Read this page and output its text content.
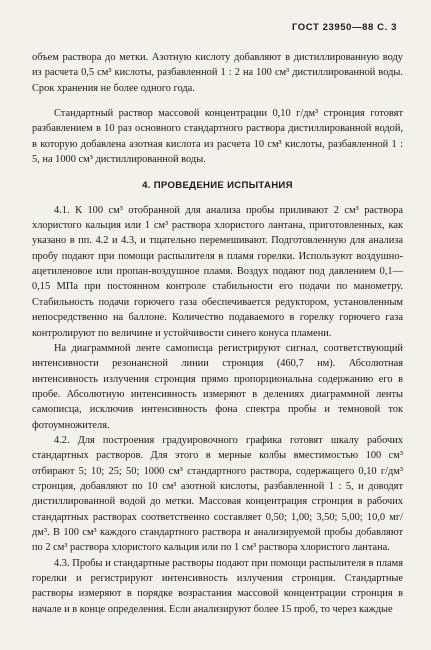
ГОСТ 23950—88 С. 3

объем раствора до метки. Азотную кислоту добавляют в дистиллированную воду из расчета 0,5 см³ кислоты, разбавленной 1 : 2 на 100 см³ дистиллированной воды. Срок хранения не более одного года.

Стандартный раствор массовой концентрации 0,10 г/дм³ стронция готовят разбавлением в 10 раз основного стандартного раствора дистиллированной водой, в которую добавлена азотная кислота из расчета 10 см³ кислоты, разбавленной 1 : 5, на 1000 см³ дистиллированной воды.

4. ПРОВЕДЕНИЕ ИСПЫТАНИЯ

4.1. К 100 см³ отобранной для анализа пробы приливают 2 см³ раствора хлористого кальция или 1 см³ раствора хлористого лантана, приготовленных, как указано в пп. 4.2 и 4.3, и тщательно перемешивают. Подготовленную для анализа пробу подают при помощи распылителя в пламя горелки. Используют воздушно-ацетиленовое или пропан-воздушное пламя. Воздух подают под давлением 0,1—0,15 МПа при постоянном контроле стабильности его подачи по манометру. Стабильность подачи горючего газа обеспечивается редуктором, установленным непосредственно на баллоне. Количество подаваемого в горелку горючего газа контролируют по величине и устойчивости синего конуса пламени.

На диаграммной ленте самописца регистрируют сигнал, соответствующий интенсивности резонансной линии стронция (460,7 нм). Абсолютная интенсивность излучения стронция прямо пропорциональна содержанию его в пробе. Абсолютную интенсивность измеряют в делениях диаграммной ленты самописца, исключив интенсивность фона спектра пробы и темновой ток фотоумножителя.

4.2. Для построения градуировочного графика готовят шкалу рабочих стандартных растворов. Для этого в мерные колбы вместимостью 100 см³ отбирают 5; 10; 25; 50; 1000 см³ стандартного раствора, содержащего 0,10 г/дм³ стронция, добавляют по 10 см³ азотной кислоты, разбавленной 1 : 5, и доводят дистиллированной водой до метки. Массовая концентрация стронция в рабочих стандартных растворах соответственно составляет 0,50; 1,00; 3,50; 5,00; 10,0 мг/дм³. В 100 см³ каждого стандартного раствора и анализируемой пробы добавляют по 2 см³ раствора хлористого кальция или по 1 см³ раствора хлористого лантана.

4.3. Пробы и стандартные растворы подают при помощи распылителя в пламя горелки и регистрируют интенсивность излучения стронция. Стандартные растворы измеряют в порядке возрастания массовой концентрации стронция в начале и в конце определения. Если анализируют более 15 проб, то через каждые
